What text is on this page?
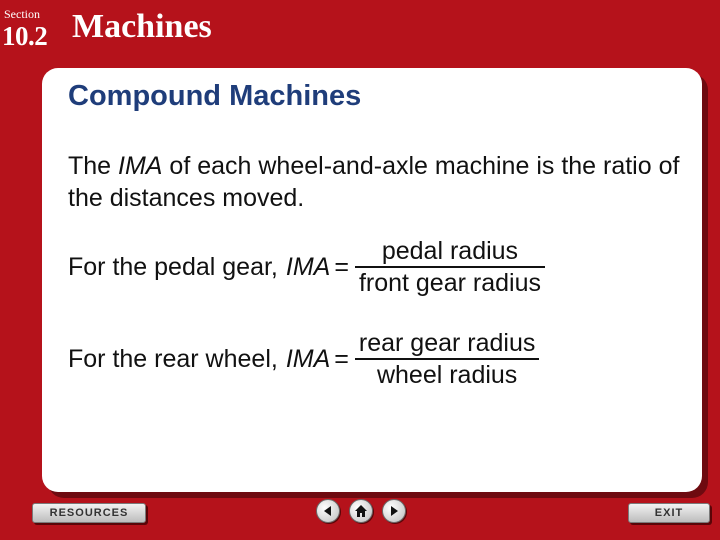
Section
10.2 Machines
Compound Machines
The IMA of each wheel-and-axle machine is the ratio of the distances moved.
For the pedal gear, IMA = $\frac{\text{pedal radius}}{\text{front gear radius}}$
For the rear wheel, IMA = $\frac{\text{rear gear radius}}{\text{wheel radius}}$
RESOURCES	EXIT
